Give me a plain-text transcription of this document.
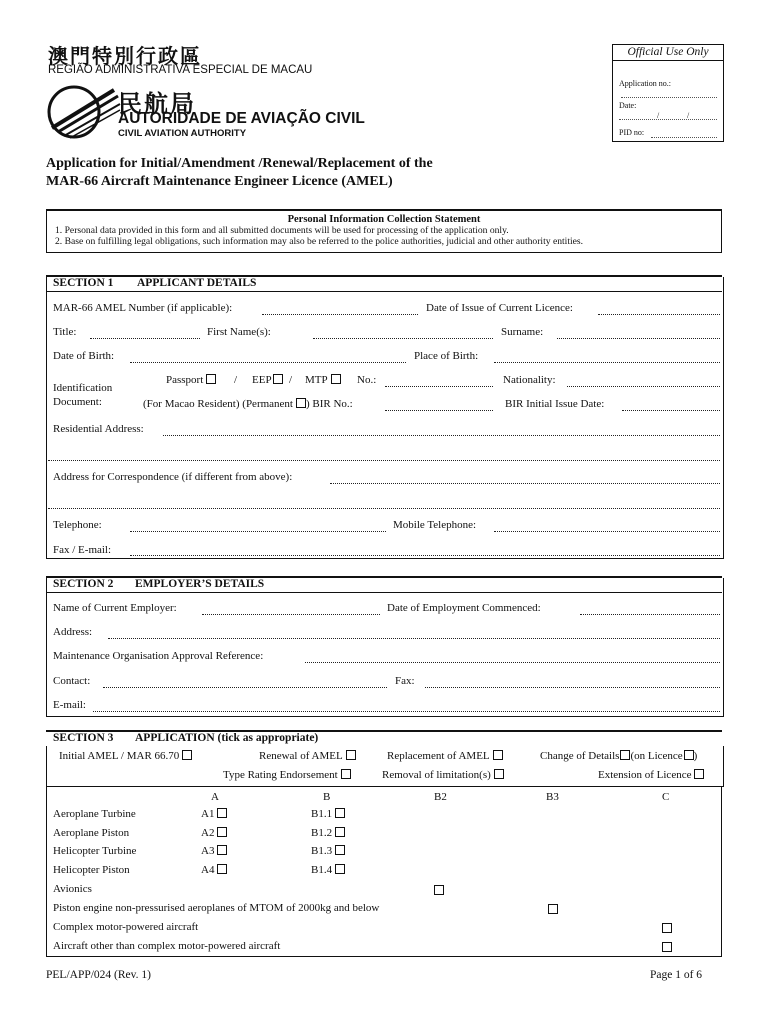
澳門特別行政區
REGIÃO ADMINISTRATIVA ESPECIAL DE MACAU
民航局
AUTORIDADE DE AVIAÇÃO CIVIL
CIVIL AVIATION AUTHORITY
Official Use Only
Application no.:
Date:
/	/
PID no:
Application for Initial/Amendment /Renewal/Replacement of the
MAR-66 Aircraft Maintenance Engineer Licence (AMEL)
Personal Information Collection Statement
1. Personal data provided in this form and all submitted documents will be used for processing of the application only.
2. Base on fulfilling legal obligations, such information may also be referred to the police authorities, judicial and other authority entities.
SECTION 1 APPLICANT DETAILS
MAR-66 AMEL Number (if applicable):	Date of Issue of Current Licence:
Title:	First Name(s):	Surname:
Date of Birth:	Place of Birth:
Identification
Document:
Passport	/ EEP	/ MTP	No.:	Nationality:
(For Macao Resident) (Permanent ) BIR No.:	BIR Initial Issue Date:
Residential Address:
Address for Correspondence (if different from above):
Telephone:	Mobile Telephone:
Fax / E-mail:
SECTION 2 EMPLOYER’S DETAILS
Name of Current Employer:	Date of Employment Commenced:
Address:
Maintenance Organisation Approval Reference:
Contact:	Fax:
E-mail:
SECTION 3 APPLICATION (tick as appropriate)
Initial AMEL / MAR 66.70	Renewal of AMEL	Replacement of AMEL	Change of Details (on Licence )
Type Rating Endorsement	Removal of limitation(s)	Extension of Licence
A	B	B2	B3	C
Aeroplane Turbine	A1	B1.1
Aeroplane Piston	A2	B1.2
Helicopter Turbine	A3	B1.3
Helicopter Piston	A4	B1.4
Avionics
Piston engine non-pressurised aeroplanes of MTOM of 2000kg and below
Complex motor-powered aircraft
Aircraft other than complex motor-powered aircraft
PEL/APP/024 (Rev. 1)	Page 1 of 6
